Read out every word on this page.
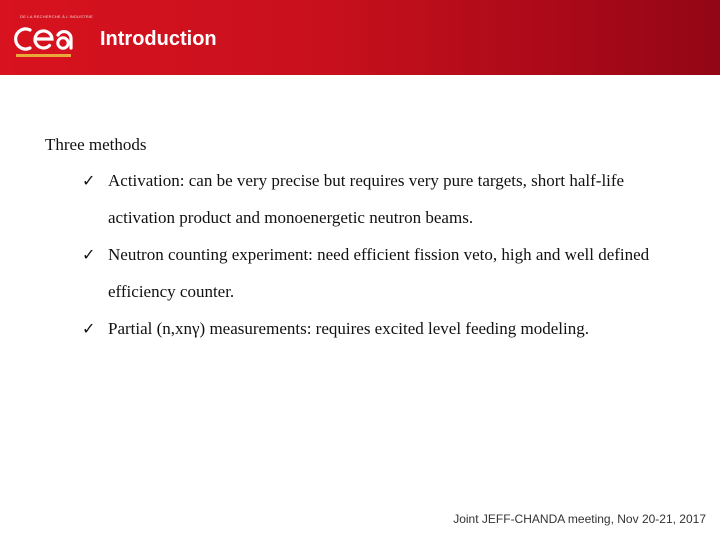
DE LA RECHERCHE À L'INDUSTRIE
Introduction

Three methods

✓ Activation: can be very precise but requires very pure targets, short half-life activation product and monoenergetic neutron beams.
✓ Neutron counting experiment: need efficient fission veto, high and well defined efficiency counter.
✓ Partial (n,xnγ) measurements: requires excited level feeding modeling.
Joint JEFF-CHANDA meeting, Nov 20-21, 2017
